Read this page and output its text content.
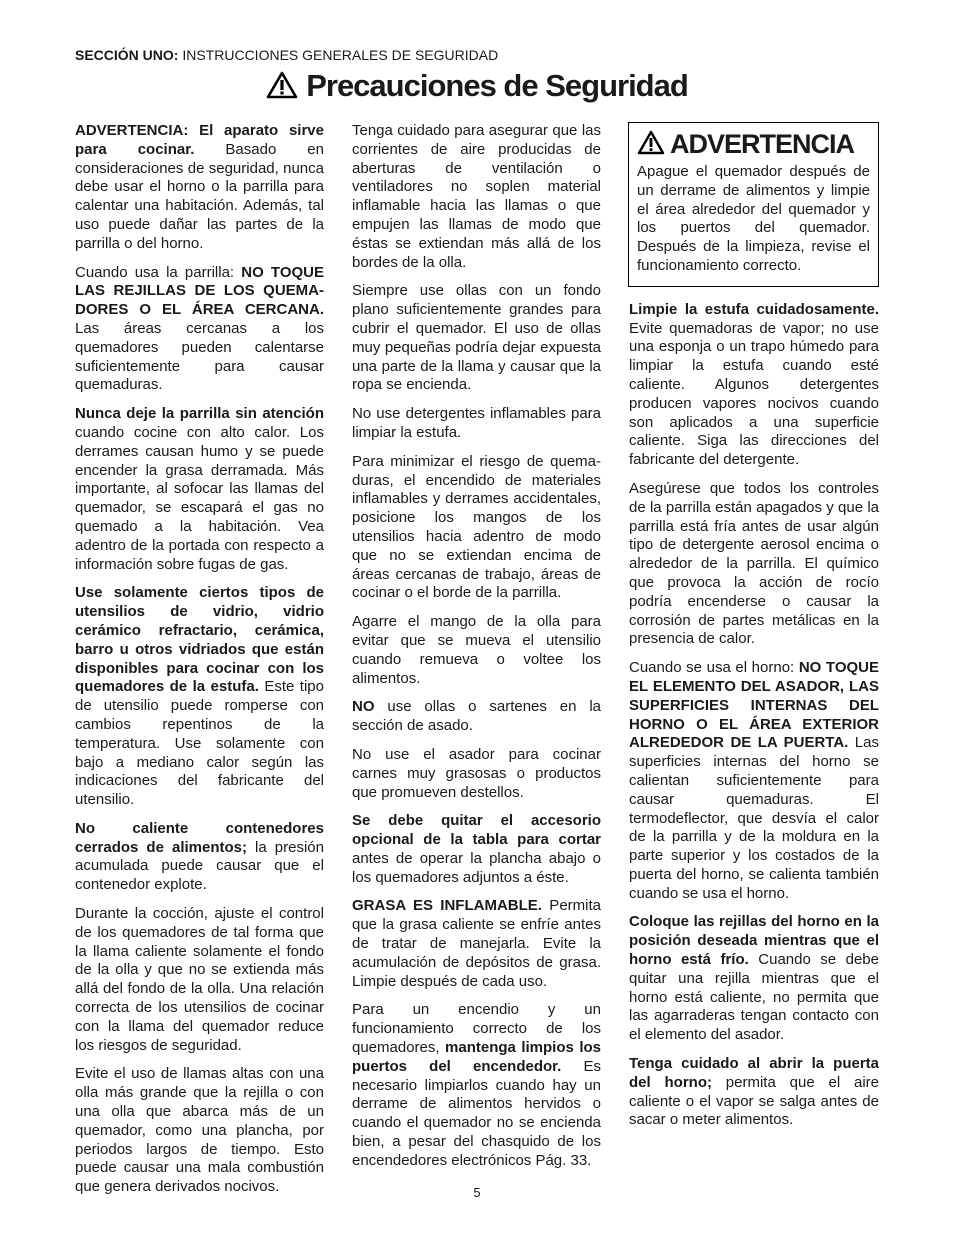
SECCIÓN UNO: INSTRUCCIONES GENERALES DE SEGURIDAD
Precauciones de Seguridad

ADVERTENCIA: El aparato sirve para cocinar. Basado en consideraciones de seguridad, nunca debe usar el horno o la parrilla para calentar una habitación. Además, tal uso puede dañar las partes de la parrilla o del horno.

Cuando usa la parrilla: NO TOQUE LAS REJILLAS DE LOS QUEMA-DORES O EL ÁREA CERCANA. Las áreas cercanas a los quemadores pueden calentarse suficientemente para causar quemaduras.

Nunca deje la parrilla sin atención cuando cocine con alto calor. Los derrames causan humo y se puede encender la grasa derramada. Más importante, al sofocar las llamas del quemador, se escapará el gas no quemado a la habitación. Vea adentro de la portada con respecto a información sobre fugas de gas.

Use solamente ciertos tipos de utensilios de vidrio, vidrio cerámico refractario, cerámica, barro u otros vidriados que están disponibles para cocinar con los quemadores de la estufa. Este tipo de utensilio puede romperse con cambios repentinos de la temperatura. Use solamente con bajo a mediano calor según las indicaciones del fabricante del utensilio.

No caliente contenedores cerrados de alimentos; la presión acumulada puede causar que el contenedor explote.

Durante la cocción, ajuste el control de los quemadores de tal forma que la llama caliente solamente el fondo de la olla y que no se extienda más allá del fondo de la olla. Una relación correcta de los utensilios de cocinar con la llama del quemador reduce los riesgos de seguridad.

Evite el uso de llamas altas con una olla más grande que la rejilla o con una olla que abarca más de un quemador, como una plancha, por periodos largos de tiempo. Esto puede causar una mala combustión que genera derivados nocivos.

Tenga cuidado para asegurar que las corrientes de aire producidas de aberturas de ventilación o ventiladores no soplen material inflamable hacia las llamas o que empujen las llamas de modo que éstas se extiendan más allá de los bordes de la olla.

Siempre use ollas con un fondo plano suficientemente grandes para cubrir el quemador. El uso de ollas muy pequeñas podría dejar expuesta una parte de la llama y causar que la ropa se encienda.

No use detergentes inflamables para limpiar la estufa.

Para minimizar el riesgo de quema-duras, el encendido de materiales inflamables y derrames accidentales, posicione los mangos de los utensilios hacia adentro de modo que no se extiendan encima de áreas cercanas de trabajo, áreas de cocinar o el borde de la parrilla.

Agarre el mango de la olla para evitar que se mueva el utensilio cuando remueva o voltee los alimentos.

NO use ollas o sartenes en la sección de asado.

No use el asador para cocinar carnes muy grasosas o productos que promueven destellos.

Se debe quitar el accesorio opcional de la tabla para cortar antes de operar la plancha abajo o los quemadores adjuntos a éste.

GRASA ES INFLAMABLE. Permita que la grasa caliente se enfríe antes de tratar de manejarla. Evite la acumulación de depósitos de grasa. Limpie después de cada uso.

Para un encendio y un funcionamiento correcto de los quemadores, mantenga limpios los puertos del encendedor. Es necesario limpiarlos cuando hay un derrame de alimentos hervidos o cuando el quemador no se encienda bien, a pesar del chasquido de los encendedores electrónicos Pág. 33.

ADVERTENCIA
Apague el quemador después de un derrame de alimentos y limpie el área alrededor del quemador y los puertos del quemador. Después de la limpieza, revise el funcionamiento correcto.

Limpie la estufa cuidadosamente. Evite quemadoras de vapor; no use una esponja o un trapo húmedo para limpiar la estufa cuando esté caliente. Algunos detergentes producen vapores nocivos cuando son aplicados a una superficie caliente. Siga las direcciones del fabricante del detergente.

Asegúrese que todos los controles de la parrilla están apagados y que la parrilla está fría antes de usar algún tipo de detergente aerosol encima o alrededor de la parrilla. El químico que provoca la acción de rocío podría encenderse o causar la corrosión de partes metálicas en la presencia de calor.

Cuando se usa el horno: NO TOQUE EL ELEMENTO DEL ASADOR, LAS SUPERFICIES INTERNAS DEL HORNO O EL ÁREA EXTERIOR ALREDEDOR DE LA PUERTA. Las superficies internas del horno se calientan suficientemente para causar quemaduras. El termodeflector, que desvía el calor de la parrilla y de la moldura en la parte superior y los costados de la puerta del horno, se calienta también cuando se usa el horno.

Coloque las rejillas del horno en la posición deseada mientras que el horno está frío. Cuando se debe quitar una rejilla mientras que el horno está caliente, no permita que las agarraderas tengan contacto con el elemento del asador.

Tenga cuidado al abrir la puerta del horno; permita que el aire caliente o el vapor se salga antes de sacar o meter alimentos.

5
